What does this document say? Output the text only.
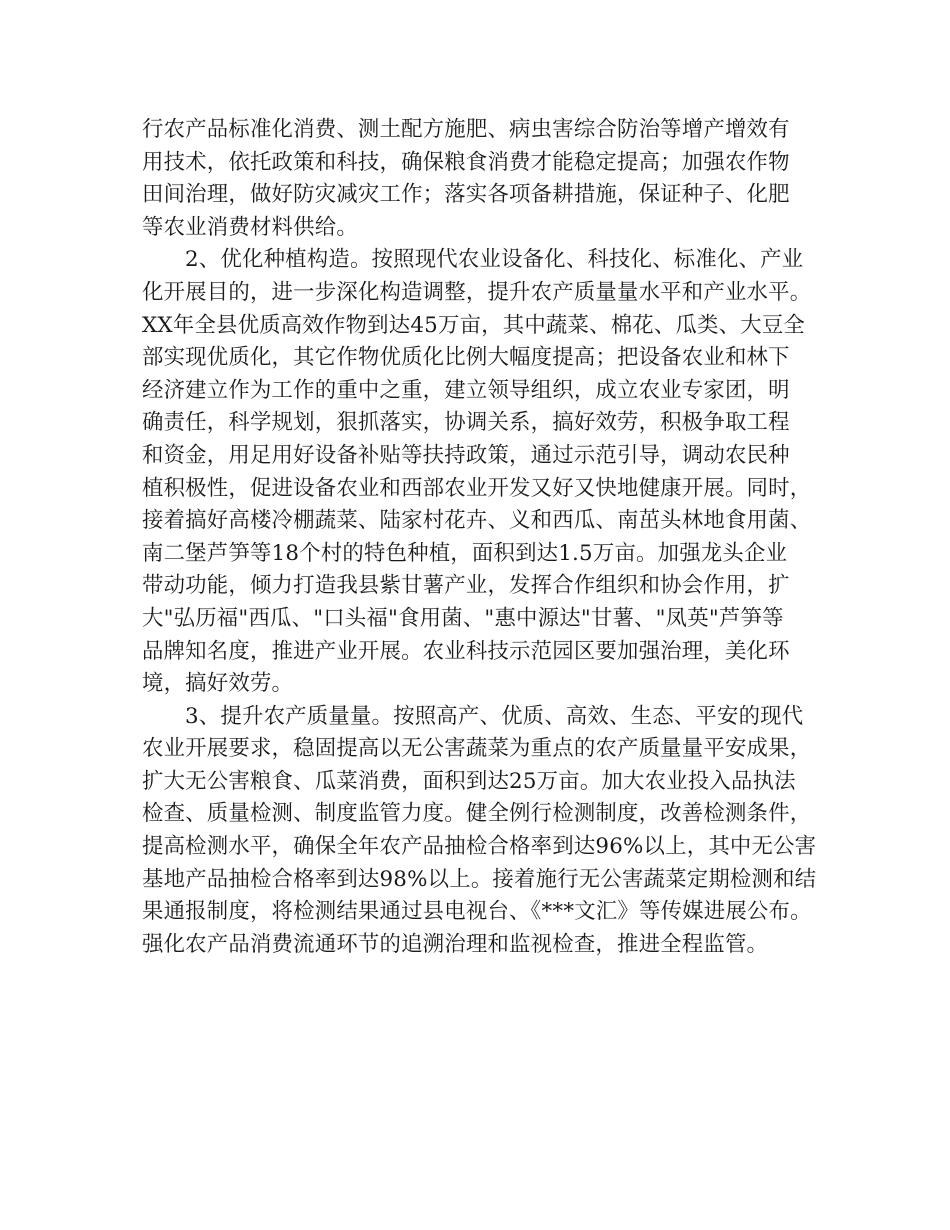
行农产品标准化消费、测土配方施肥、病虫害综合防治等增产增效有
用技术，依托政策和科技，确保粮食消费才能稳定提高；加强农作物
田间治理，做好防灾减灾工作；落实各项备耕措施，保证种子、化肥
等农业消费材料供给。
2、优化种植构造。按照现代农业设备化、科技化、标准化、产业
化开展目的，进一步深化构造调整，提升农产质量量水平和产业水平。
XX年全县优质高效作物到达45万亩，其中蔬菜、棉花、瓜类、大豆全
部实现优质化，其它作物优质化比例大幅度提高；把设备农业和林下
经济建立作为工作的重中之重，建立领导组织，成立农业专家团，明
确责任，科学规划，狠抓落实，协调关系，搞好效劳，积极争取工程
和资金，用足用好设备补贴等扶持政策，通过示范引导，调动农民种
植积极性，促进设备农业和西部农业开发又好又快地健康开展。同时，
接着搞好高楼冷棚蔬菜、陆家村花卉、义和西瓜、南茁头林地食用菌、
南二堡芦笋等18个村的特色种植，面积到达1.5万亩。加强龙头企业
带动功能，倾力打造我县紫甘薯产业，发挥合作组织和协会作用，扩
大"弘历福"西瓜、"口头福"食用菌、"惠中源达"甘薯、"凤英"芦笋等
品牌知名度，推进产业开展。农业科技示范园区要加强治理，美化环
境，搞好效劳。
3、提升农产质量量。按照高产、优质、高效、生态、平安的现代
农业开展要求，稳固提高以无公害蔬菜为重点的农产质量量平安成果，
扩大无公害粮食、瓜菜消费，面积到达25万亩。加大农业投入品执法
检查、质量检测、制度监管力度。健全例行检测制度，改善检测条件，
提高检测水平，确保全年农产品抽检合格率到达96%以上，其中无公害
基地产品抽检合格率到达98%以上。接着施行无公害蔬菜定期检测和结
果通报制度，将检测结果通过县电视台、《***文汇》等传媒进展公布。
强化农产品消费流通环节的追溯治理和监视检查，推进全程监管。
